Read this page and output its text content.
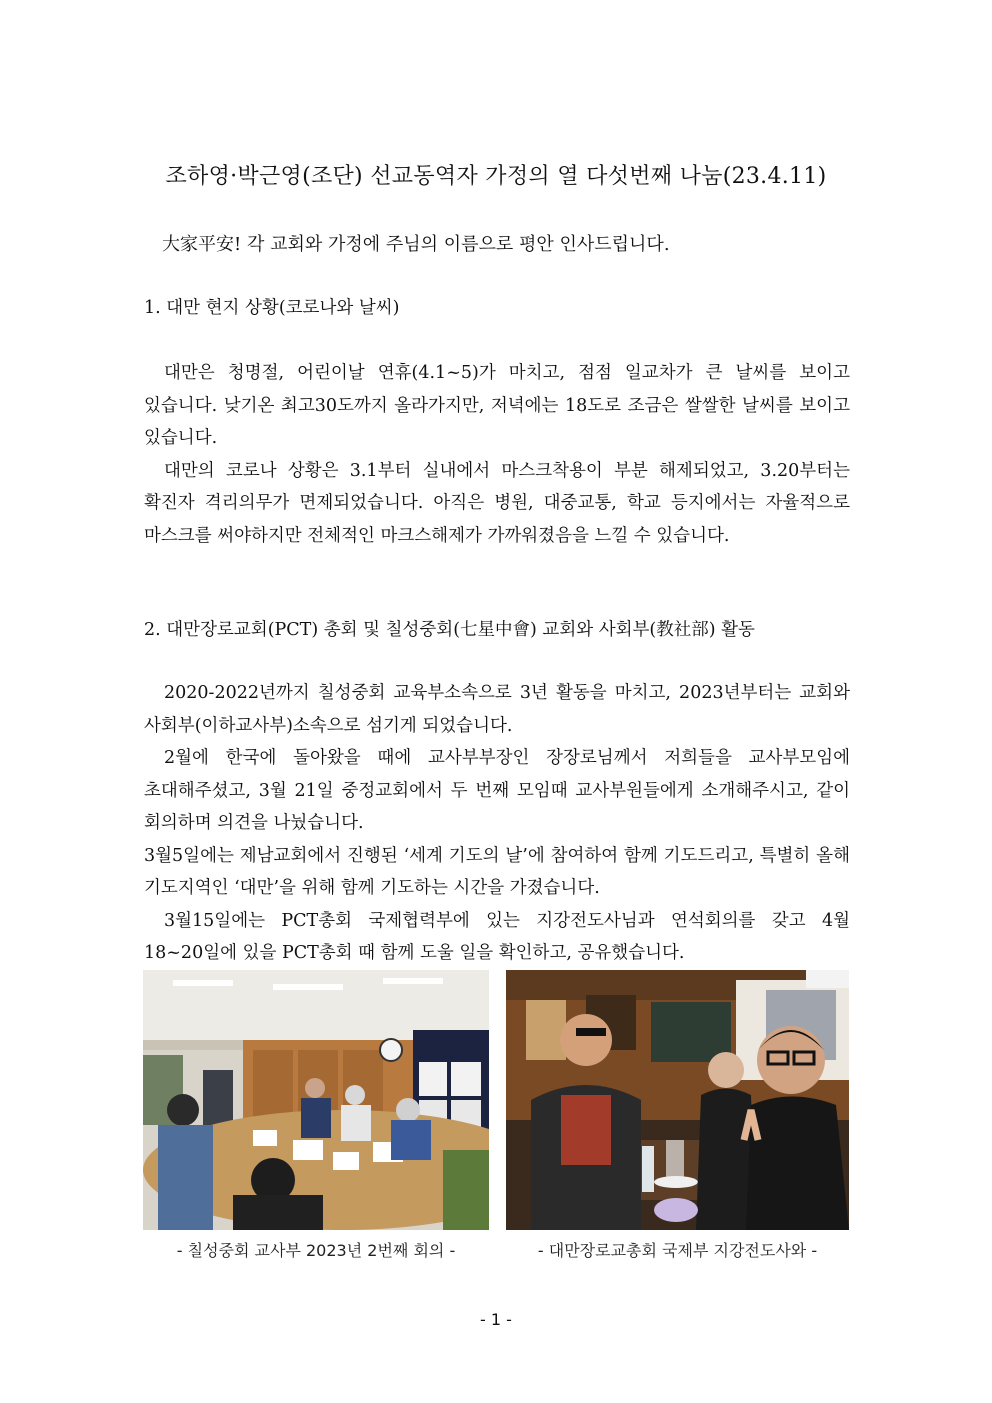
조하영·박근영(조단) 선교동역자 가정의 열 다섯번째 나눔(23.4.11)
大家平安! 각 교회와 가정에 주님의 이름으로 평안 인사드립니다.
1. 대만 현지 상황(코로나와 날씨)

대만은 청명절, 어린이날 연휴(4.1~5)가 마치고, 점점 일교차가 큰 날씨를 보이고 있습니다. 낮기온 최고30도까지 올라가지만, 저녁에는 18도로 조금은 쌀쌀한 날씨를 보이고 있습니다.

대만의 코로나 상황은 3.1부터 실내에서 마스크착용이 부분 해제되었고, 3.20부터는 확진자 격리의무가 면제되었습니다. 아직은 병원, 대중교통, 학교 등지에서는 자율적으로 마스크를 써야하지만 전체적인 마크스해제가 가까워졌음을 느낄 수 있습니다.

2. 대만장로교회(PCT) 총회 및 칠성중회(七星中會) 교회와 사회부(教社部) 활동

2020-2022년까지 칠성중회 교육부소속으로 3년 활동을 마치고, 2023년부터는 교회와 사회부(이하교사부)소속으로 섬기게 되었습니다.

2월에 한국에 돌아왔을 때에 교사부부장인 장장로님께서 저희들을 교사부모임에 초대해주셨고, 3월 21일 중정교회에서 두 번째 모임때 교사부원들에게 소개해주시고, 같이 회의하며 의견을 나눴습니다.

3월5일에는 제남교회에서 진행된 ‘세계 기도의 날’에 참여하여 함께 기도드리고, 특별히 올해 기도지역인 ‘대만’을 위해 함께 기도하는 시간을 가졌습니다.

3월15일에는 PCT총회 국제협력부에 있는 지강전도사님과 연석회의를 갖고 4월 18~20일에 있을 PCT총회 때 함께 도울 일을 확인하고, 공유했습니다.

- 칠성중회 교사부 2023년 2번째 회의 -	- 대만장로교총회 국제부 지강전도사와 -
- 1 -
